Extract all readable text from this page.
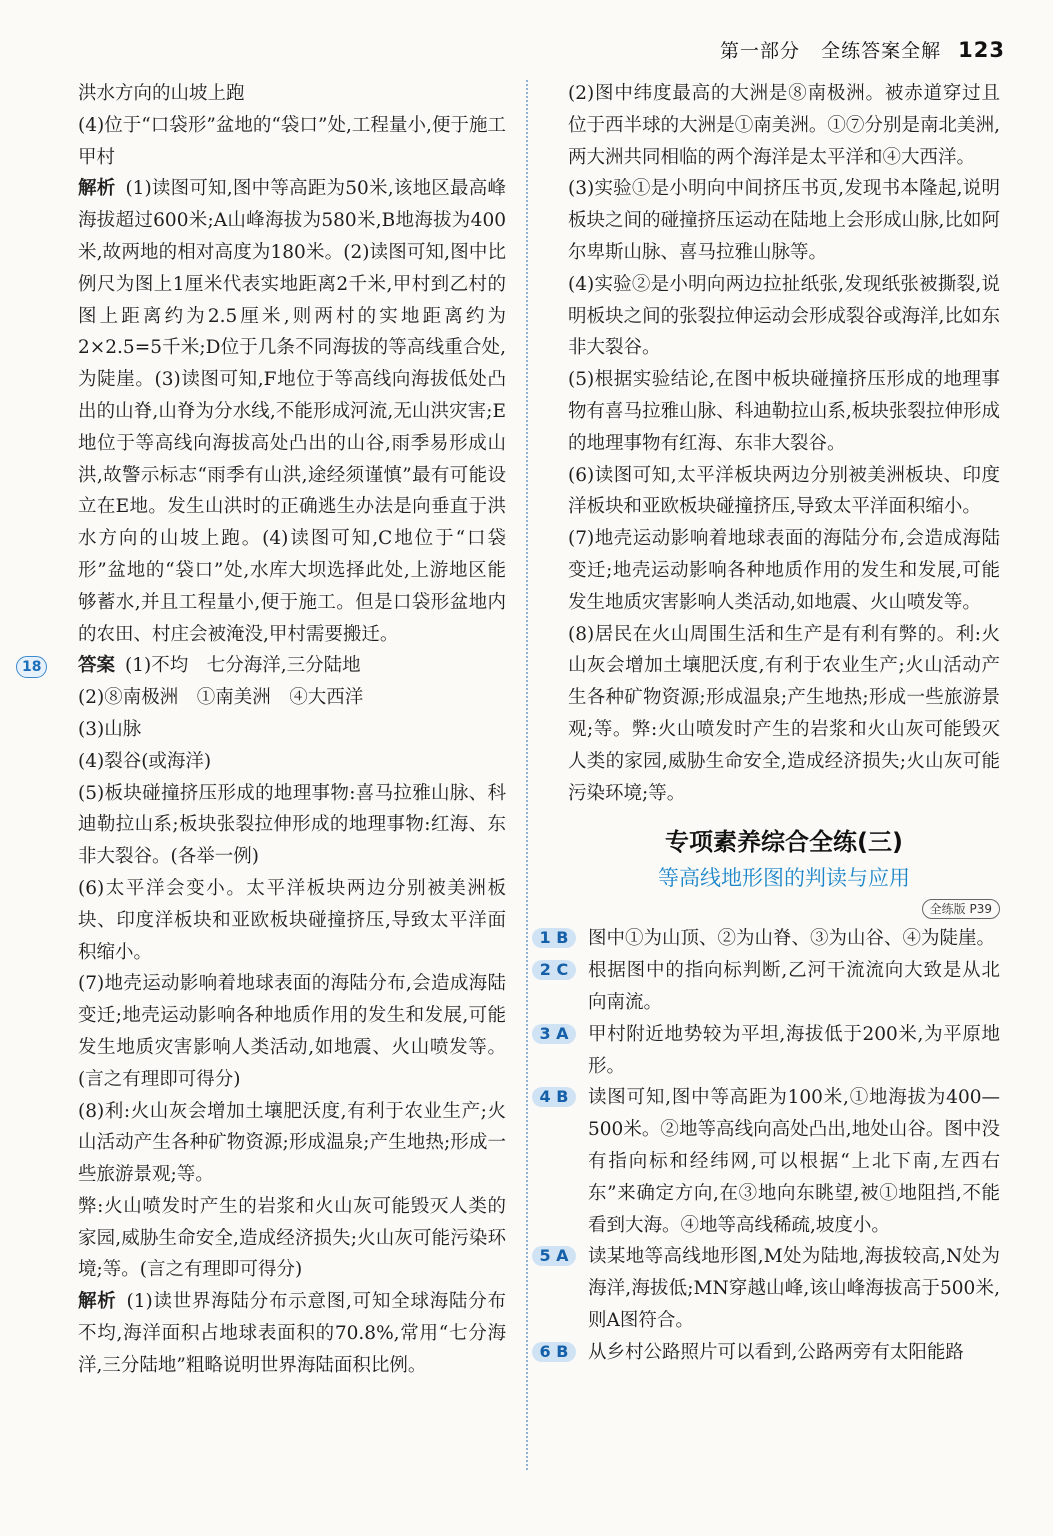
第一部分 全练答案全解 123

洪水方向的山坡上跑

(4)位于“口袋形”盆地的“袋口”处,工程量小,便于施工　甲村

解析 (1)读图可知,图中等高距为50米,该地区最高峰海拔超过600米;A山峰海拔为580米,B地海拔为400米,故两地的相对高度为180米。(2)读图可知,图中比例尺为图上1厘米代表实地距离2千米,甲村到乙村的图上距离约为2.5厘米,则两村的实地距离约为2×2.5=5千米;D位于几条不同海拔的等高线重合处,为陡崖。(3)读图可知,F地位于等高线向海拔低处凸出的山脊,山脊为分水线,不能形成河流,无山洪灾害;E地位于等高线向海拔高处凸出的山谷,雨季易形成山洪,故警示标志“雨季有山洪,途经须谨慎”最有可能设立在E地。发生山洪时的正确逃生办法是向垂直于洪水方向的山坡上跑。(4)读图可知,C地位于“口袋形”盆地的“袋口”处,水库大坝选择此处,上游地区能够蓄水,并且工程量小,便于施工。但是口袋形盆地内的农田、村庄会被淹没,甲村需要搬迁。

18	答案 (1)不均　七分海洋,三分陆地

(2)⑧南极洲　①南美洲　④大西洋

(3)山脉

(4)裂谷(或海洋)

(5)板块碰撞挤压形成的地理事物:喜马拉雅山脉、科迪勒拉山系;板块张裂拉伸形成的地理事物:红海、东非大裂谷。(各举一例)

(6)太平洋会变小。太平洋板块两边分别被美洲板块、印度洋板块和亚欧板块碰撞挤压,导致太平洋面积缩小。

(7)地壳运动影响着地球表面的海陆分布,会造成海陆变迁;地壳运动影响各种地质作用的发生和发展,可能发生地质灾害影响人类活动,如地震、火山喷发等。(言之有理即可得分)

(8)利:火山灰会增加土壤肥沃度,有利于农业生产;火山活动产生各种矿物资源;形成温泉;产生地热;形成一些旅游景观;等。

弊:火山喷发时产生的岩浆和火山灰可能毁灭人类的家园,威胁生命安全,造成经济损失;火山灰可能污染环境;等。(言之有理即可得分)

解析 (1)读世界海陆分布示意图,可知全球海陆分布不均,海洋面积占地球表面积的70.8%,常用“七分海洋,三分陆地”粗略说明世界海陆面积比例。

(2)图中纬度最高的大洲是⑧南极洲。被赤道穿过且位于西半球的大洲是①南美洲。①⑦分别是南北美洲,两大洲共同相临的两个海洋是太平洋和④大西洋。

(3)实验①是小明向中间挤压书页,发现书本隆起,说明板块之间的碰撞挤压运动在陆地上会形成山脉,比如阿尔卑斯山脉、喜马拉雅山脉等。

(4)实验②是小明向两边拉扯纸张,发现纸张被撕裂,说明板块之间的张裂拉伸运动会形成裂谷或海洋,比如东非大裂谷。

(5)根据实验结论,在图中板块碰撞挤压形成的地理事物有喜马拉雅山脉、科迪勒拉山系,板块张裂拉伸形成的地理事物有红海、东非大裂谷。

(6)读图可知,太平洋板块两边分别被美洲板块、印度洋板块和亚欧板块碰撞挤压,导致太平洋面积缩小。

(7)地壳运动影响着地球表面的海陆分布,会造成海陆变迁;地壳运动影响各种地质作用的发生和发展,可能发生地质灾害影响人类活动,如地震、火山喷发等。

(8)居民在火山周围生活和生产是有利有弊的。利:火山灰会增加土壤肥沃度,有利于农业生产;火山活动产生各种矿物资源;形成温泉;产生地热;形成一些旅游景观;等。弊:火山喷发时产生的岩浆和火山灰可能毁灭人类的家园,威胁生命安全,造成经济损失;火山灰可能污染环境;等。

专项素养综合全练(三)
等高线地形图的判读与应用
全练版 P39

1 B	图中①为山顶、②为山脊、③为山谷、④为陡崖。

2 C	根据图中的指向标判断,乙河干流流向大致是从北向南流。

3 A	甲村附近地势较为平坦,海拔低于200米,为平原地形。

4 B	读图可知,图中等高距为100米,①地海拔为400—500米。②地等高线向高处凸出,地处山谷。图中没有指向标和经纬网,可以根据“上北下南,左西右东”来确定方向,在③地向东眺望,被①地阻挡,不能看到大海。④地等高线稀疏,坡度小。

5 A	读某地等高线地形图,M处为陆地,海拔较高,N处为海洋,海拔低;MN穿越山峰,该山峰海拔高于500米,则A图符合。

6 B	从乡村公路照片可以看到,公路两旁有太阳能路
